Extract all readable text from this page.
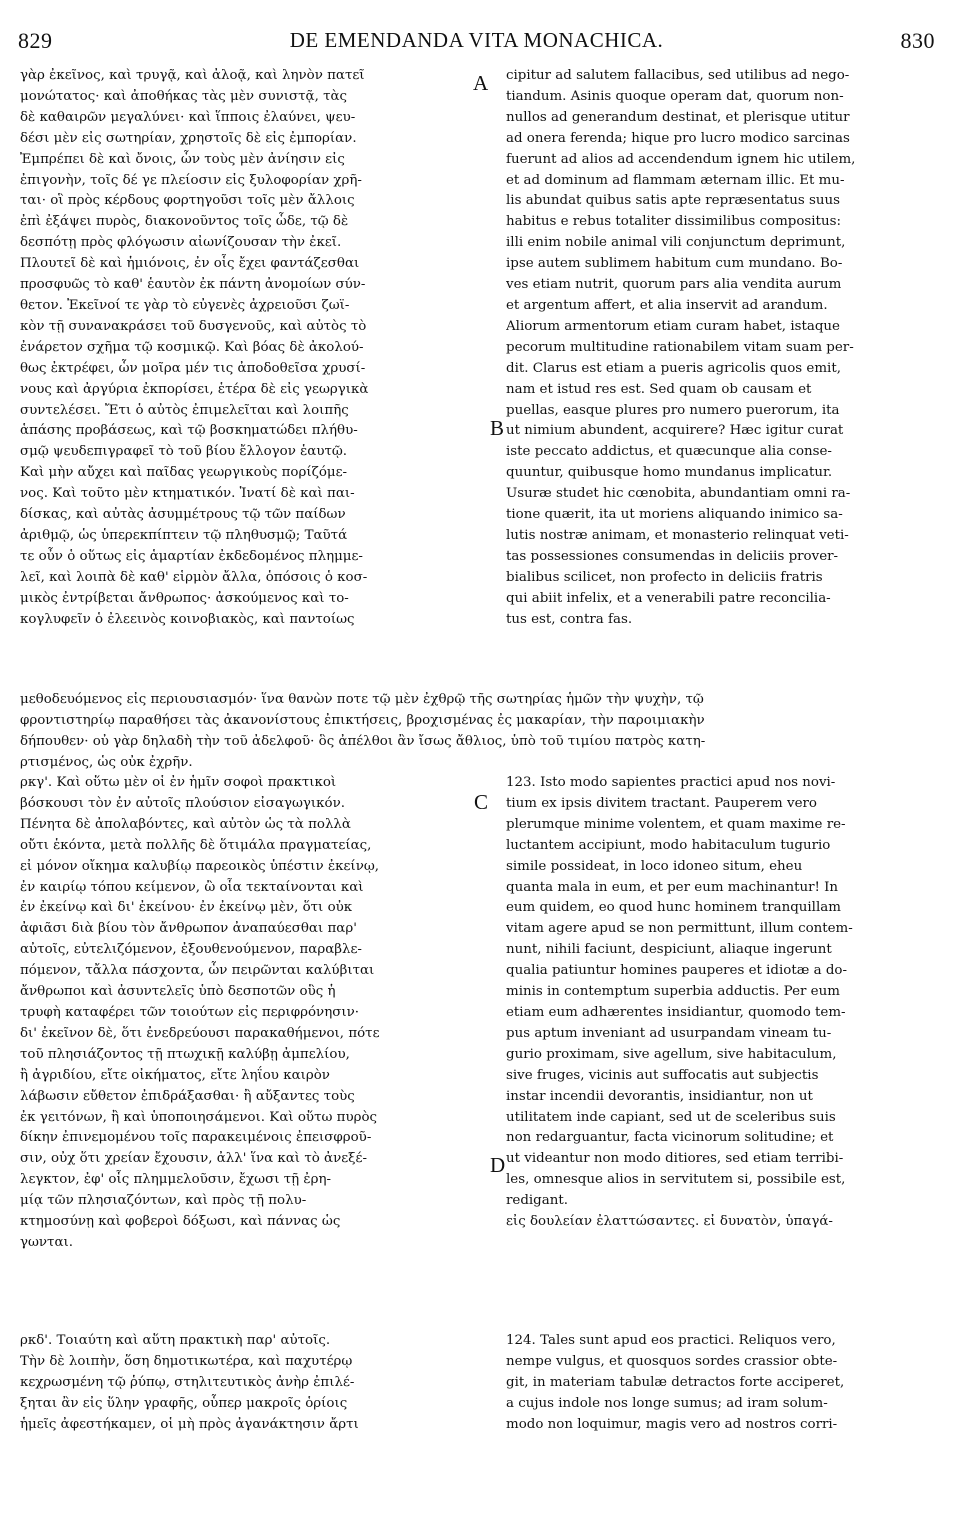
829	DE EMENDANDA VITA MONACHICA.	830
A
B
C
D
γὰρ ἐκεῖνος, καὶ τρυγᾷ, καὶ ἀλοᾷ, καὶ ληνὸν πατεῖ
μονώτατος· καὶ ἀποθήκας τὰς μὲν συνιστᾷ, τὰς
δὲ καθαιρῶν μεγαλύνει· καὶ ἵπποις ἐλαύνει, ψευ-
δέσι μὲν εἰς σωτηρίαν, χρηστοῖς δὲ εἰς ἐμπορίαν.
Ἐμπρέπει δὲ καὶ ὄνοις, ὧν τοὺς μὲν ἀνίησιν εἰς
ἐπιγονὴν, τοῖς δέ γε πλείοσιν εἰς ξυλοφορίαν χρῆ-
ται· οἳ πρὸς κέρδους φορτηγοῦσι τοῖς μὲν ἄλλοις
ἐπὶ ἐξάψει πυρὸς, διακονοῦντος τοῖς ὧδε, τῷ δὲ
δεσπότῃ πρὸς φλόγωσιν αἰωνίζουσαν τὴν ἐκεῖ.
Πλουτεῖ δὲ καὶ ἡμιόνοις, ἐν οἷς ἔχει φαντάζεσθαι
προσφυῶς τὸ καθ' ἑαυτὸν ἐκ πάντη ἀνομοίων σύν-
θετον. Ἐκεῖνοί τε γὰρ τὸ εὐγενὲς ἀχρειοῦσι ζωϊ-
κὸν τῇ συνανακράσει τοῦ δυσγενοῦς, καὶ αὐτὸς τὸ
ἐνάρετον σχῆμα τῷ κοσμικῷ. Καὶ βόας δὲ ἀκολού-
θως ἐκτρέφει, ὧν μοῖρα μέν τις ἀποδοθεῖσα χρυσί-
νους καὶ ἀργύρια ἐκπορίσει, ἑτέρα δὲ εἰς γεωργικὰ
συντελέσει. Ἔτι ὁ αὐτὸς ἐπιμελεῖται καὶ λοιπῆς
ἁπάσης προβάσεως, καὶ τῷ βοσκηματώδει πλήθυ-
σμῷ ψευδεπιγραφεῖ τὸ τοῦ βίου ἔλλογον ἑαυτῷ.
Καὶ μὴν αὔχει καὶ παῖδας γεωργικοὺς πορίζόμε-
νος. Καὶ τοῦτο μὲν κτηματικόν. Ἱνατί δὲ καὶ παι-
δίσκας, καὶ αὐτὰς ἀσυμμέτρους τῷ τῶν παίδων
ἀριθμῷ, ὡς ὑπερεκπίπτειν τῷ πληθυσμῷ; Ταῦτά
τε οὖν ὁ οὕτως εἰς ἁμαρτίαν ἐκδεδομένος πλημμε-
λεῖ, καὶ λοιπὰ δὲ καθ' εἱρμὸν ἄλλα, ὁπόσοις ὁ κοσ-
μικὸς ἐντρίβεται ἄνθρωπος· ἀσκούμενος καὶ το-
κογλυφεῖν ὁ ἐλεεινὸς κοινοβιακὸς, καὶ παντοίως
cipitur ad salutem fallacibus, sed utilibus ad nego-
tiandum. Asinis quoque operam dat, quorum non-
nullos ad generandum destinat, et plerisque utitur
ad onera ferenda; hique pro lucro modico sarcinas
fuerunt ad alios ad accendendum ignem hic utilem,
et ad dominum ad flammam æternam illic. Et mu-
lis abundat quibus satis apte repræsentatus suus
habitus e rebus totaliter dissimilibus compositus:
illi enim nobile animal vili conjunctum deprimunt,
ipse autem sublimem habitum cum mundano. Bo-
ves etiam nutrit, quorum pars alia vendita aurum
et argentum affert, et alia inservit ad arandum.
Aliorum armentorum etiam curam habet, istaque
pecorum multitudine rationabilem vitam suam per-
dit. Clarus est etiam a pueris agricolis quos emit,
nam et istud res est. Sed quam ob causam et
puellas, easque plures pro numero puerorum, ita
ut nimium abundent, acquirere? Hæc igitur curat
iste peccato addictus, et quæcunque alia conse-
quuntur, quibusque homo mundanus implicatur.
Usuræ studet hic cœnobita, abundantiam omni ra-
tione quærit, ita ut moriens aliquando inimico sa-
lutis nostræ animam, et monasterio relinquat veti-
tas possessiones consumendas in deliciis prover-
bialibus scilicet, non profecto in deliciis fratris
qui abiit infelix, et a venerabili patre reconcilia-
tus est, contra fas.
μεθοδευόμενος εἰς περιουσιασμόν· ἵνα θανὼν ποτε τῷ μὲν ἐχθρῷ τῆς σωτηρίας ἡμῶν τὴν ψυχὴν, τῷ
φροντιστηρίῳ παραθήσει τὰς ἀκανονίστους ἐπικτήσεις, βροχισμένας ἐς μακαρίαν, τὴν παροιμιακὴν
δήπουθεν· οὐ γὰρ δηλαδὴ τὴν τοῦ ἀδελφοῦ· ὃς ἀπέλθοι ἂν ἴσως ἄθλιος, ὑπὸ τοῦ τιμίου πατρὸς κατη-
ρτισμένος, ὡς οὐκ ἐχρῆν.
ρκγ'. Καὶ οὕτω μὲν οἱ ἐν ἡμῖν σοφοὶ πρακτικοὶ
βόσκουσι τὸν ἐν αὐτοῖς πλούσιον εἰσαγωγικόν.
Πένητα δὲ ἀπολαβόντες, καὶ αὐτὸν ὡς τὰ πολλὰ
οὔτι ἑκόντα, μετὰ πολλῆς δὲ ὅτιμάλα πραγματείας,
εἰ μόνον οἴκημα καλυβίῳ παρεοικὸς ὑπέστιν ἐκείνῳ,
ἐν καιρίῳ τόπου κείμενον, ὢ οἷα τεκταίνονται καὶ
ἐν ἐκείνῳ καὶ δι' ἐκείνου· ἐν ἐκείνῳ μὲν, ὅτι οὐκ
ἀφιᾶσι διὰ βίου τὸν ἄνθρωπον ἀναπαύεσθαι παρ'
αὐτοῖς, εὐτελιζόμενον, ἐξουθενούμενον, παραβλε-
πόμενον, τἄλλα πάσχοντα, ὧν πειρῶνται καλύβιται
ἄνθρωποι καὶ ἀσυντελεῖς ὑπὸ δεσποτῶν οὓς ἡ
τρυφὴ καταφέρει τῶν τοιούτων εἰς περιφρόνησιν·
δι' ἐκεῖνον δὲ, ὅτι ἐνεδρεύουσι παρακαθήμενοι, πότε
τοῦ πλησιάζοντος τῇ πτωχικῇ καλύβῃ ἀμπελίου,
ἢ ἀγριδίου, εἴτε οἰκήματος, εἴτε ληΐου καιρὸν
λάβωσιν εὔθετον ἐπιδράξασθαι· ἢ αὔξαντες τοὺς
ἐκ γειτόνων, ἢ καὶ ὑποποιησάμενοι. Καὶ οὕτω πυρὸς
δίκην ἐπινεμομένου τοῖς παρακειμένοις ἐπεισφροῦ-
σιν, οὐχ ὅτι χρείαν ἔχουσιν, ἀλλ' ἵνα καὶ τὸ ἀνεξέ-
λεγκτον, ἐφ' οἷς πλημμελοῦσιν, ἔχωσι τῇ ἐρη-
μίᾳ τῶν πλησιαζόντων, καὶ πρὸς τῇ πολυ-
κτημοσύνῃ καὶ φοβεροὶ δόξωσι, καὶ πάννας ὡς
γωνται.
123. Isto modo sapientes practici apud nos novi-
tium ex ipsis divitem tractant. Pauperem vero
plerumque minime volentem, et quam maxime re-
luctantem accipiunt, modo habitaculum tugurio
simile possideat, in loco idoneo situm, eheu
quanta mala in eum, et per eum machinantur! In
eum quidem, eo quod hunc hominem tranquillam
vitam agere apud se non permittunt, illum contem-
nunt, nihili faciunt, despiciunt, aliaque ingerunt
qualia patiuntur homines pauperes et idiotæ a do-
minis in contemptum superbia adductis. Per eum
etiam eum adhærentes insidiantur, quomodo tem-
pus aptum inveniant ad usurpandam vineam tu-
gurio proximam, sive agellum, sive habitaculum,
sive fruges, vicinis aut suffocatis aut subjectis
instar incendii devorantis, insidiantur, non ut
utilitatem inde capiant, sed ut de sceleribus suis
non redarguantur, facta vicinorum solitudine; et
ut videantur non modo ditiores, sed etiam terribi-
les, omnesque alios in servitutem si, possibile est,
redigant.
εἰς δουλείαν ἐλαττώσαντες. εἰ δυνατὸν, ὑπαγά-
ρκδ'. Τοιαύτη καὶ αὕτη πρακτικὴ παρ' αὐτοῖς.
Τὴν δὲ λοιπὴν, ὅση δημοτικωτέρα, καὶ παχυτέρῳ
κεχρωσμένη τῷ ῥύπῳ, στηλιτευτικὸς ἀνὴρ ἐπιλέ-
ξηται ἂν εἰς ὕλην γραφῆς, οὗπερ μακροῖς ὁρίοις
ἡμεῖς ἀφεστήκαμεν, οἱ μὴ πρὸς ἀγανάκτησιν ἄρτι
124. Tales sunt apud eos practici. Reliquos vero,
nempe vulgus, et quosquos sordes crassior obte-
git, in materiam tabulæ detractos forte acciperet,
a cujus indole nos longe sumus; ad iram solum-
modo non loquimur, magis vero ad nostros corri-
